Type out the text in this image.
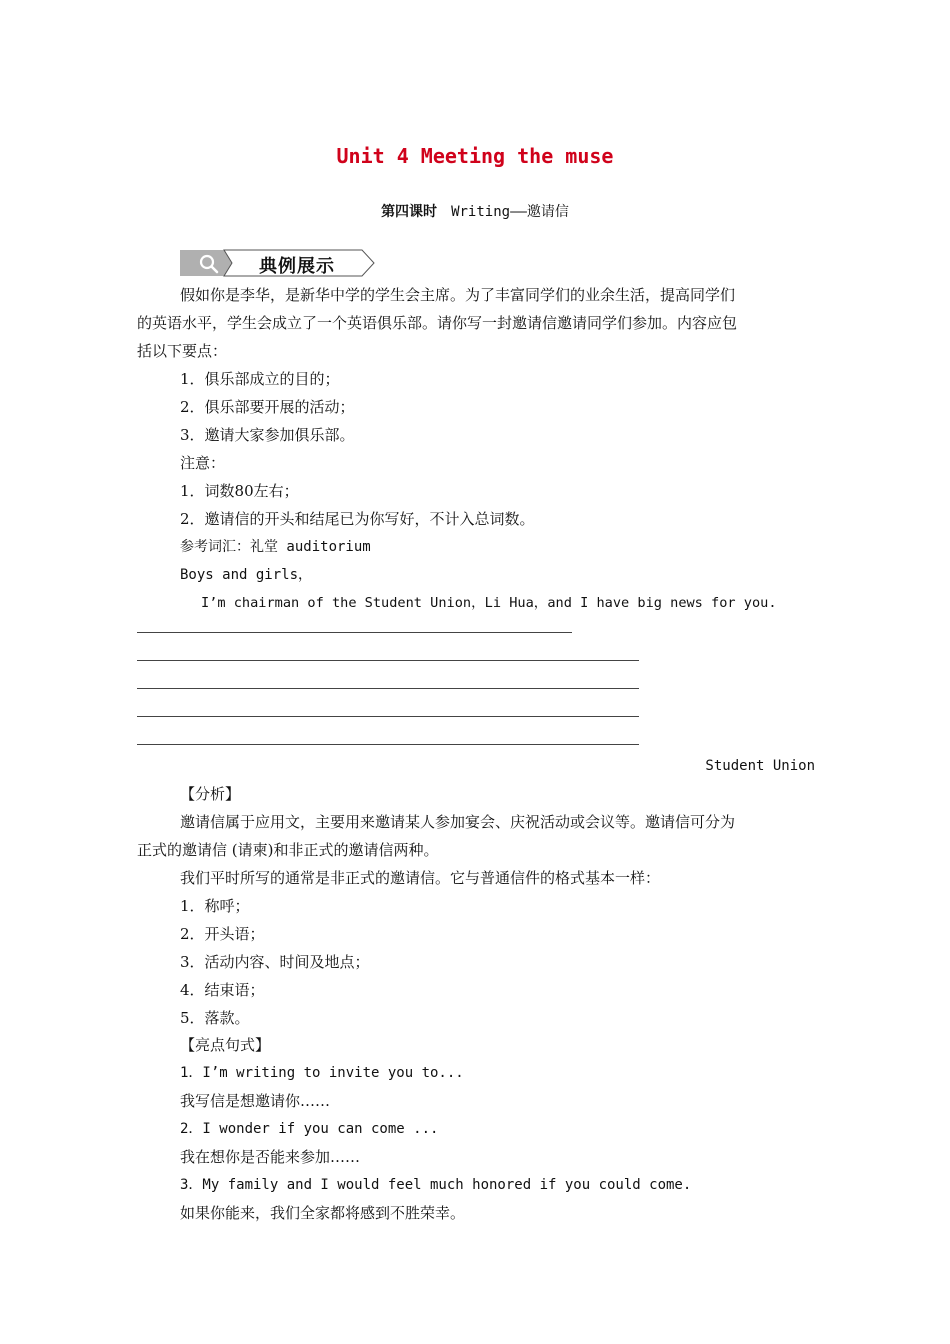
Unit 4 Meeting the muse
第四课时 Writing——邀请信
典例展示
假如你是李华，是新华中学的学生会主席。为了丰富同学们的业余生活，提高同学们
的英语水平，学生会成立了一个英语俱乐部。请你写一封邀请信邀请同学们参加。内容应包
括以下要点：
1．俱乐部成立的目的；
2．俱乐部要开展的活动；
3．邀请大家参加俱乐部。
注意：
1．词数80左右；
2．邀请信的开头和结尾已为你写好，不计入总词数。
参考词汇：礼堂 auditorium
Boys and girls，
I’m chairman of the Student Union，Li Hua，and I have big news for you.
Student Union
【分析】
邀请信属于应用文，主要用来邀请某人参加宴会、庆祝活动或会议等。邀请信可分为
正式的邀请信 (请柬)和非正式的邀请信两种。
我们平时所写的通常是非正式的邀请信。它与普通信件的格式基本一样：
1．称呼；
2．开头语；
3．活动内容、时间及地点；
4．结束语；
5．落款。
【亮点句式】
1．I’m writing to invite you to...
我写信是想邀请你……
2．I wonder if you can come ...
我在想你是否能来参加……
3．My family and I would feel much honored if you could come.
如果你能来，我们全家都将感到不胜荣幸。
